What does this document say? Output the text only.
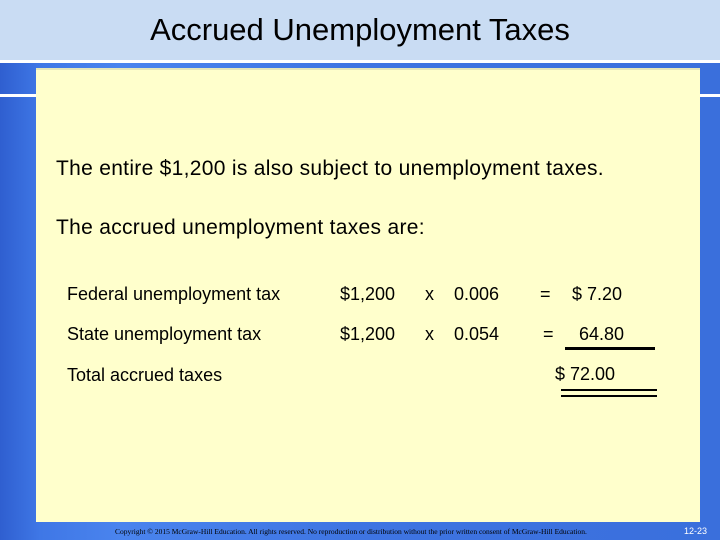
Accrued Unemployment Taxes
The entire $1,200 is also subject to unemployment taxes.
The accrued unemployment taxes are:
Federal unemployment tax	$1,200 x 0.006 = $ 7.20
State unemployment tax	$1,200 x 0.054 = 64.80
Total accrued taxes	$ 72.00
Copyright © 2015 McGraw-Hill Education. All rights reserved. No reproduction or distribution without the prior written consent of McGraw-Hill Education.	12-23
